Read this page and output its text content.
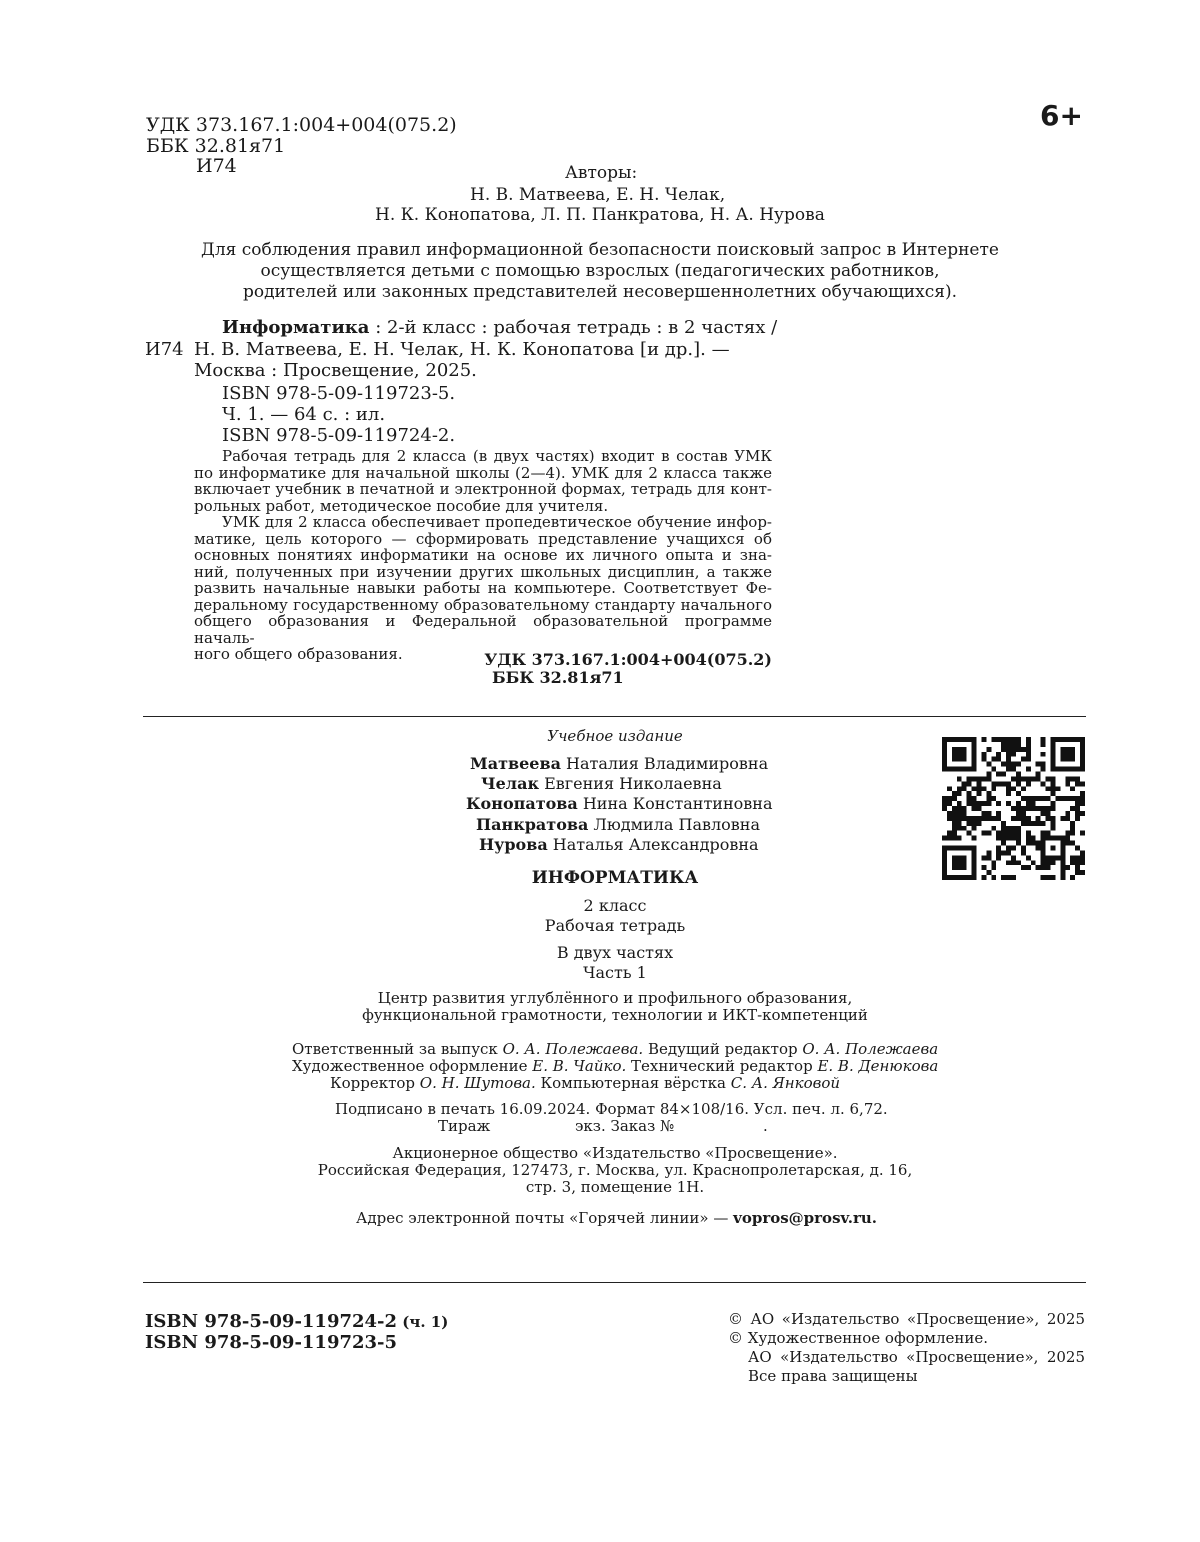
УДК 373.167.1:004+004(075.2)
ББК 32.81я71
И74
6+
Авторы:
Н. В. Матвеева, Е. Н. Челак,
Н. К. Конопатова, Л. П. Панкратова, Н. А. Нурова
Для соблюдения правил информационной безопасности поисковый запрос в Интернете
осуществляется детьми с помощью взрослых (педагогических работников,
родителей или законных представителей несовершеннолетних обучающихся).
Информатика : 2-й класс : рабочая тетрадь : в 2 частях /
И74 Н. В. Матвеева, Е. Н. Челак, Н. К. Конопатова [и др.]. —
Москва : Просвещение, 2025.
ISBN 978-5-09-119723-5.
Ч. 1. — 64 с. : ил.
ISBN 978-5-09-119724-2.
Рабочая тетрадь для 2 класса (в двух частях) входит в состав УМК
по информатике для начальной школы (2—4). УМК для 2 класса также
включает учебник в печатной и электронной формах, тетрадь для конт-
рольных работ, методическое пособие для учителя.
УМК для 2 класса обеспечивает пропедевтическое обучение инфор-
матике, цель которого — сформировать представление учащихся об
основных понятиях информатики на основе их личного опыта и зна-
ний, полученных при изучении других школьных дисциплин, а также
развить начальные навыки работы на компьютере. Соответствует Фе-
деральному государственному образовательному стандарту начального
общего образования и Федеральной образовательной программе началь-
ного общего образования.	УДК 373.167.1:004+004(075.2)
ББК 32.81я71
Учебное издание
Матвеева Наталия Владимировна
Челак Евгения Николаевна
Конопатова Нина Константиновна
Панкратова Людмила Павловна
Нурова Наталья Александровна
ИНФОРМАТИКА
2 класс
Рабочая тетрадь
В двух частях
Часть 1
Центр развития углублённого и профильного образования,
функциональной грамотности, технологии и ИКТ-компетенций
Ответственный за выпуск О. А. Полежаева. Ведущий редактор О. А. Полежаева
Художественное оформление Е. В. Чайко. Технический редактор Е. В. Денюкова
Корректор О. Н. Шутова. Компьютерная вёрстка С. А. Янковой
Подписано в печать 16.09.2024. Формат 84×108/16. Усл. печ. л. 6,72.
Тираж	экз. Заказ №	.
Акционерное общество «Издательство «Просвещение».
Российская Федерация, 127473, г. Москва, ул. Краснопролетарская, д. 16,
стр. 3, помещение 1Н.
Адрес электронной почты «Горячей линии» — vopros@prosv.ru.
ISBN 978-5-09-119724-2 (ч. 1)
ISBN 978-5-09-119723-5
© АО «Издательство «Просвещение», 2025
© Художественное оформление.
АО «Издательство «Просвещение», 2025
Все права защищены
